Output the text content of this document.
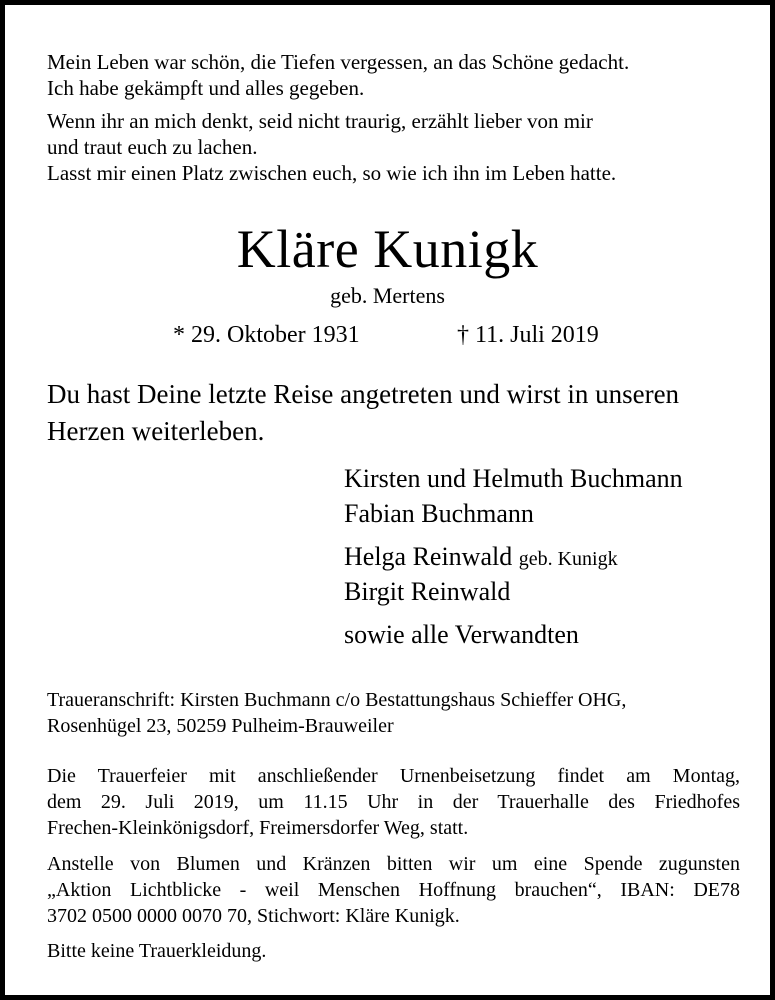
Mein Leben war schön, die Tiefen vergessen, an das Schöne gedacht.

Ich habe gekämpft und alles gegeben.

Wenn ihr an mich denkt, seid nicht traurig, erzählt lieber von mir

und traut euch zu lachen.

Lasst mir einen Platz zwischen euch, so wie ich ihn im Leben hatte.

Kläre Kunigk

geb. Mertens

* 29. Oktober 1931	† 11. Juli 2019

Du hast Deine letzte Reise angetreten und wirst in unseren

Herzen weiterleben.

Kirsten und Helmuth Buchmann

Fabian Buchmann

Helga Reinwald geb. Kunigk

Birgit Reinwald

sowie alle Verwandten

Traueranschrift: Kirsten Buchmann c/o Bestattungshaus Schieffer OHG,

Rosenhügel 23, 50259 Pulheim-Brauweiler

Die Trauerfeier mit anschließender Urnenbeisetzung findet am Montag,

dem 29. Juli 2019, um 11.15 Uhr in der Trauerhalle des Friedhofes

Frechen-Kleinkönigsdorf, Freimersdorfer Weg, statt.

Anstelle von Blumen und Kränzen bitten wir um eine Spende zugunsten

„Aktion Lichtblicke - weil Menschen Hoffnung brauchen“, IBAN: DE78

3702 0500 0000 0070 70, Stichwort: Kläre Kunigk.

Bitte keine Trauerkleidung.
